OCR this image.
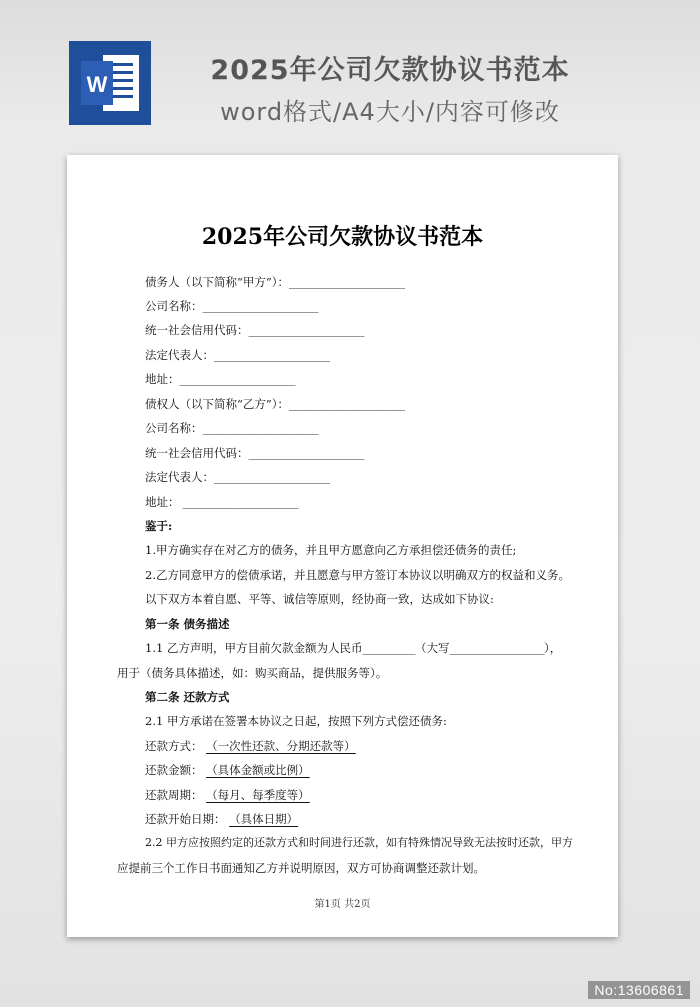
W	2025年公司欠款协议书范本
word格式/A4大小/内容可修改
2025年公司欠款协议书范本
债务人（以下简称“甲方”）：______________________
公司名称：______________________
统一社会信用代码：______________________
法定代表人：______________________
地址：______________________
债权人（以下简称“乙方”）：______________________
公司名称：______________________
统一社会信用代码：______________________
法定代表人：______________________
地址： ______________________
鉴于:
1.甲方确实存在对乙方的债务，并且甲方愿意向乙方承担偿还债务的责任;
2.乙方同意甲方的偿债承诺，并且愿意与甲方签订本协议以明确双方的权益和义务。
以下双方本着自愿、平等、诚信等原则，经协商一致，达成如下协议:
第一条 债务描述
1.1 乙方声明，甲方目前欠款金额为人民币__________（大写__________________），
用于（债务具体描述，如：购买商品，提供服务等）。
第二条 还款方式
2.1 甲方承诺在签署本协议之日起，按照下列方式偿还债务:
还款方式： （一次性还款、分期还款等）
还款金额： （具体金额或比例）
还款周期： （每月、每季度等）
还款开始日期： （具体日期）
2.2 甲方应按照约定的还款方式和时间进行还款，如有特殊情况导致无法按时还款，甲方
应提前三个工作日书面通知乙方并说明原因，双方可协商调整还款计划。
第1页 共2页
No:13606861
